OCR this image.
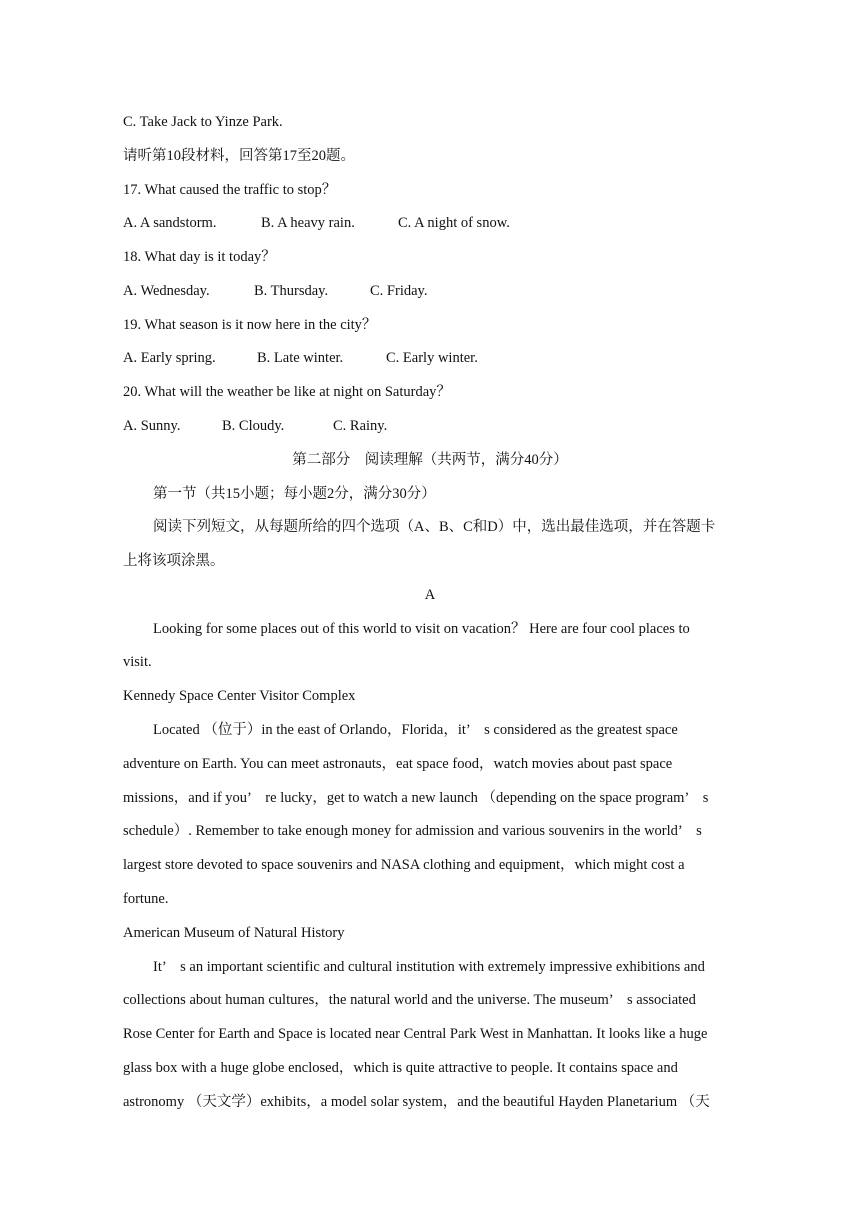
C. Take Jack to Yinze Park.
请听第10段材料，回答第17至20题。
17. What caused the traffic to stop？
A. A sandstorm.	B. A heavy rain.	C. A night of snow.
18. What day is it today？
A. Wednesday.	B. Thursday.	C. Friday.
19. What season is it now here in the city？
A. Early spring.	B. Late winter.	C. Early winter.
20. What will the weather be like at night on Saturday？
A. Sunny.	B. Cloudy.	C. Rainy.
第二部分　阅读理解（共两节，满分40分）
第一节（共15小题；每小题2分，满分30分）
阅读下列短文，从每题所给的四个选项（A、B、C和D）中，选出最佳选项，并在答题卡
上将该项涂黑。
A
Looking for some places out of this world to visit on vacation？ Here are four cool places to
visit.
Kennedy Space Center Visitor Complex
Located （位于）in the east of Orlando，Florida，it’　s considered as the greatest space
adventure on Earth. You can meet astronauts，eat space food，watch movies about past space
missions，and if you’　re lucky，get to watch a new launch （depending on the space program’　s
schedule）. Remember to take enough money for admission and various souvenirs in the world’　s
largest store devoted to space souvenirs and NASA clothing and equipment，which might cost a
fortune.
American Museum of Natural History
It’　s an important scientific and cultural institution with extremely impressive exhibitions and
collections about human cultures，the natural world and the universe. The museum’　s associated
Rose Center for Earth and Space is located near Central Park West in Manhattan. It looks like a huge
glass box with a huge globe enclosed，which is quite attractive to people. It contains space and
astronomy （天文学）exhibits，a model solar system，and the beautiful Hayden Planetarium （天
